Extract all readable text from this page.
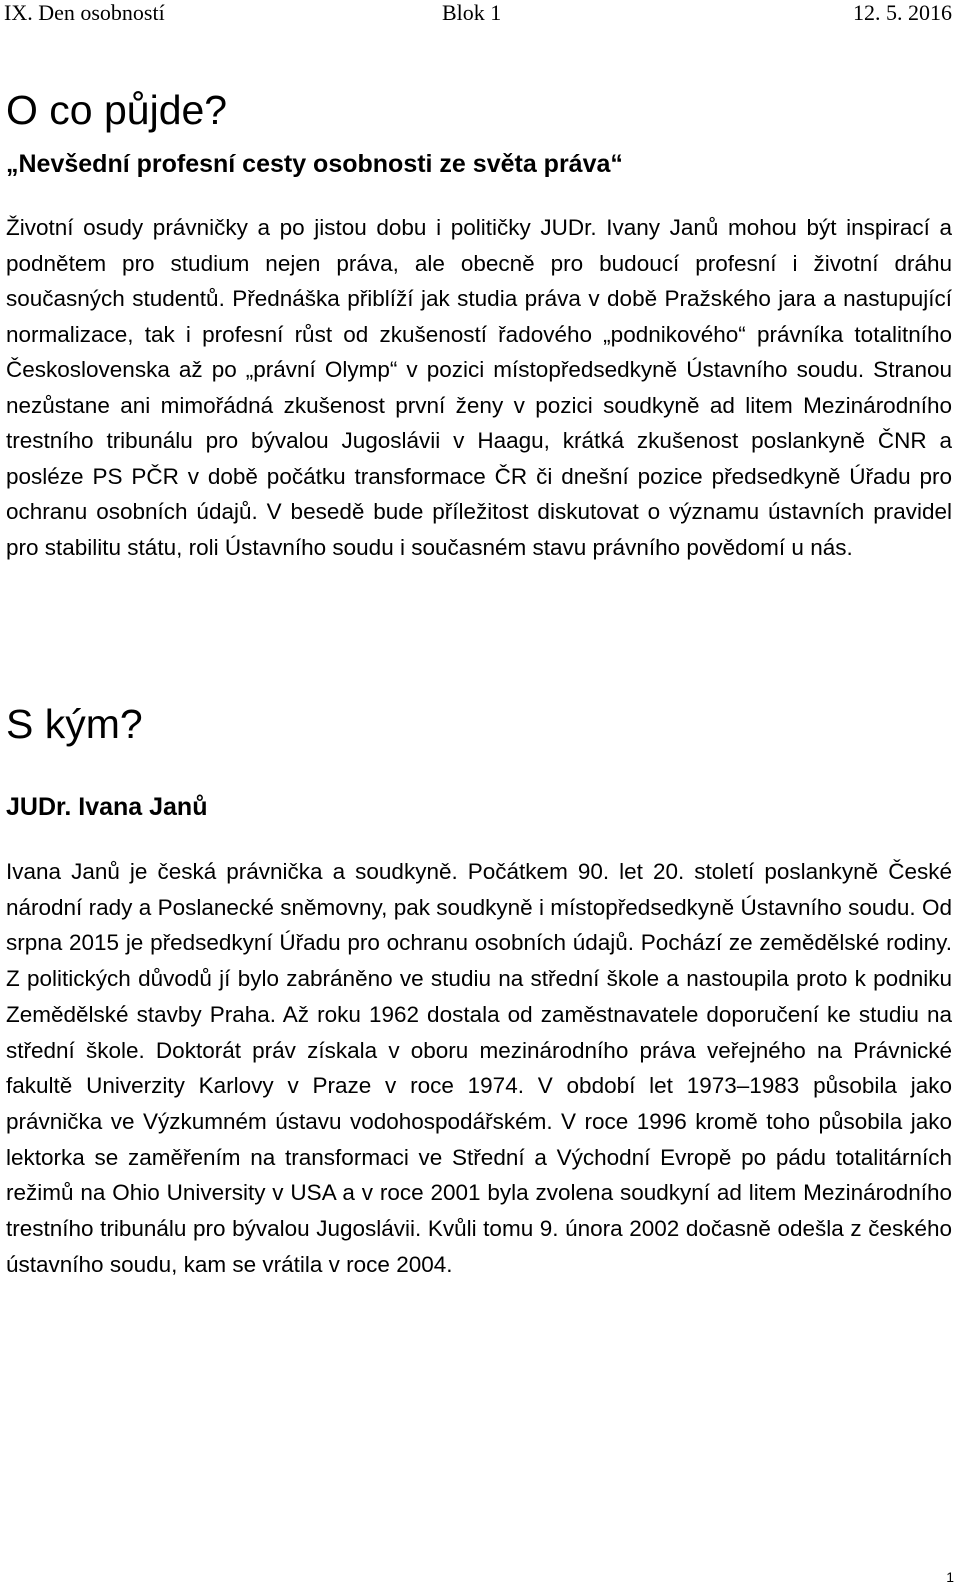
IX. Den osobností	Blok 1	12. 5. 2016
O co půjde?
„Nevšední profesní cesty osobnosti ze světa práva“

Životní osudy právničky a po jistou dobu i političky JUDr. Ivany Janů mohou být inspirací a podnětem pro studium nejen práva, ale obecně pro budoucí profesní i životní dráhu současných studentů. Přednáška přiblíží jak studia práva v době Pražského jara a nastupující normalizace, tak i profesní růst od zkušeností řadového „podnikového“ právníka totalitního Československa až po „právní Olymp“ v pozici místopředsedkyně Ústavního soudu. Stranou nezůstane ani mimořádná zkušenost první ženy v pozici soudkyně ad litem Mezinárodního trestního tribunálu pro bývalou Jugoslávii v Haagu, krátká zkušenost poslankyně ČNR a posléze PS PČR v době počátku transformace ČR či dnešní pozice předsedkyně Úřadu pro ochranu osobních údajů. V besedě bude příležitost diskutovat o významu ústavních pravidel pro stabilitu státu, roli Ústavního soudu i současném stavu právního povědomí u nás.

S kým?
JUDr. Ivana Janů

Ivana Janů je česká právnička a soudkyně. Počátkem 90. let 20. století poslankyně České národní rady a Poslanecké sněmovny, pak soudkyně i místopředsedkyně Ústavního soudu. Od srpna 2015 je předsedkyní Úřadu pro ochranu osobních údajů. Pochází ze zemědělské rodiny. Z politických důvodů jí bylo zabráněno ve studiu na střední škole a nastoupila proto k podniku Zemědělské stavby Praha. Až roku 1962 dostala od zaměstnavatele doporučení ke studiu na střední škole. Doktorát práv získala v oboru mezinárodního práva veřejného na Právnické fakultě Univerzity Karlovy v Praze v roce 1974. V období let 1973–1983 působila jako právnička ve Výzkumném ústavu vodohospodářském. V roce 1996 kromě toho působila jako lektorka se zaměřením na transformaci ve Střední a Východní Evropě po pádu totalitárních režimů na Ohio University v USA a v roce 2001 byla zvolena soudkyní ad litem Mezinárodního trestního tribunálu pro bývalou Jugoslávii. Kvůli tomu 9. února 2002 dočasně odešla z českého ústavního soudu, kam se vrátila v roce 2004.

1
